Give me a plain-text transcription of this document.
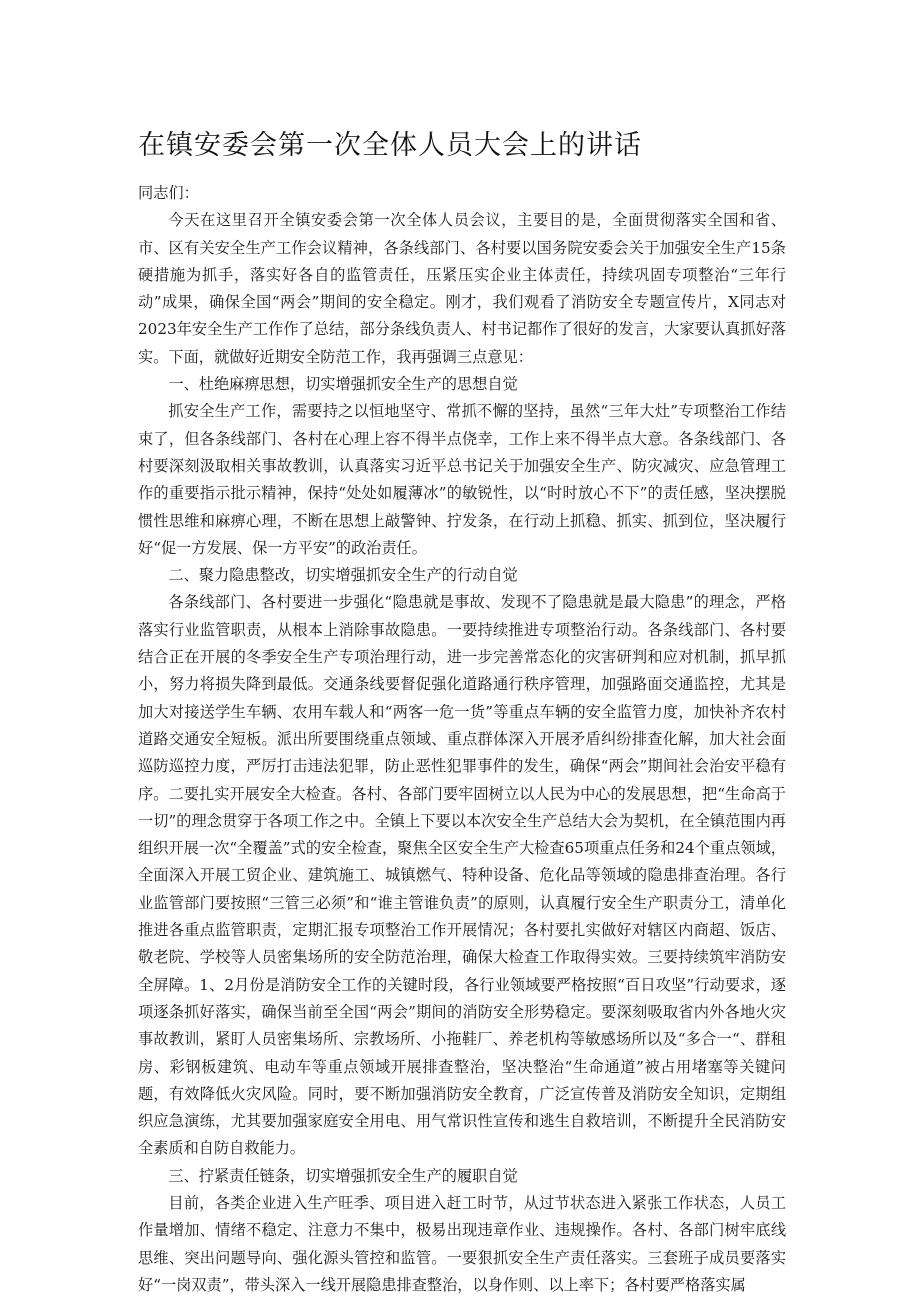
在镇安委会第一次全体人员大会上的讲话

同志们：

今天在这里召开全镇安委会第一次全体人员会议，主要目的是，全面贯彻落实全国和省、市、区有关安全生产工作会议精神，各条线部门、各村要以国务院安委会关于加强安全生产15条硬措施为抓手，落实好各自的监管责任，压紧压实企业主体责任，持续巩固专项整治“三年行动”成果，确保全国“两会”期间的安全稳定。刚才，我们观看了消防安全专题宣传片，X同志对2023年安全生产工作作了总结，部分条线负责人、村书记都作了很好的发言，大家要认真抓好落实。下面，就做好近期安全防范工作，我再强调三点意见：

一、杜绝麻痹思想，切实增强抓安全生产的思想自觉

抓安全生产工作，需要持之以恒地坚守、常抓不懈的坚持，虽然“三年大灶”专项整治工作结束了，但各条线部门、各村在心理上容不得半点侥幸，工作上来不得半点大意。各条线部门、各村要深刻汲取相关事故教训，认真落实习近平总书记关于加强安全生产、防灾减灾、应急管理工作的重要指示批示精神，保持“处处如履薄冰”的敏锐性，以“时时放心不下”的责任感，坚决摆脱惯性思维和麻痹心理，不断在思想上敲警钟、拧发条，在行动上抓稳、抓实、抓到位，坚决履行好“促一方发展、保一方平安”的政治责任。

二、聚力隐患整改，切实增强抓安全生产的行动自觉

各条线部门、各村要进一步强化“隐患就是事故、发现不了隐患就是最大隐患”的理念，严格落实行业监管职责，从根本上消除事故隐患。一要持续推进专项整治行动。各条线部门、各村要结合正在开展的冬季安全生产专项治理行动，进一步完善常态化的灾害研判和应对机制，抓早抓小，努力将损失降到最低。交通条线要督促强化道路通行秩序管理，加强路面交通监控，尤其是加大对接送学生车辆、农用车载人和“两客一危一货”等重点车辆的安全监管力度，加快补齐农村道路交通安全短板。派出所要围绕重点领域、重点群体深入开展矛盾纠纷排查化解，加大社会面巡防巡控力度，严厉打击违法犯罪，防止恶性犯罪事件的发生，确保“两会”期间社会治安平稳有序。二要扎实开展安全大检查。各村、各部门要牢固树立以人民为中心的发展思想，把“生命高于一切”的理念贯穿于各项工作之中。全镇上下要以本次安全生产总结大会为契机，在全镇范围内再组织开展一次“全覆盖”式的安全检查，聚焦全区安全生产大检查65项重点任务和24个重点领域，全面深入开展工贸企业、建筑施工、城镇燃气、特种设备、危化品等领域的隐患排查治理。各行业监管部门要按照“三管三必须”和“谁主管谁负责”的原则，认真履行安全生产职责分工，清单化推进各重点监管职责，定期汇报专项整治工作开展情况；各村要扎实做好对辖区内商超、饭店、敬老院、学校等人员密集场所的安全防范治理，确保大检查工作取得实效。三要持续筑牢消防安全屏障。1、2月份是消防安全工作的关键时段，各行业领域要严格按照“百日攻坚”行动要求，逐项逐条抓好落实，确保当前至全国“两会”期间的消防安全形势稳定。要深刻吸取省内外各地火灾事故教训，紧盯人员密集场所、宗教场所、小拖鞋厂、养老机构等敏感场所以及“多合一“、群租房、彩钢板建筑、电动车等重点领域开展排查整治，坚决整治“生命通道”被占用堵塞等关键问题，有效降低火灾风险。同时，要不断加强消防安全教育，广泛宣传普及消防安全知识，定期组织应急演练，尤其要加强家庭安全用电、用气常识性宣传和逃生自救培训，不断提升全民消防安全素质和自防自救能力。

三、拧紧责任链条，切实增强抓安全生产的履职自觉

目前，各类企业进入生产旺季、项目进入赶工时节，从过节状态进入紧张工作状态，人员工作量增加、情绪不稳定、注意力不集中，极易出现违章作业、违规操作。各村、各部门树牢底线思维、突出问题导向、强化源头管控和监管。一要狠抓安全生产责任落实。三套班子成员要落实好“一岗双责”，带头深入一线开展隐患排查整治，以身作则、以上率下；各村要严格落实属
